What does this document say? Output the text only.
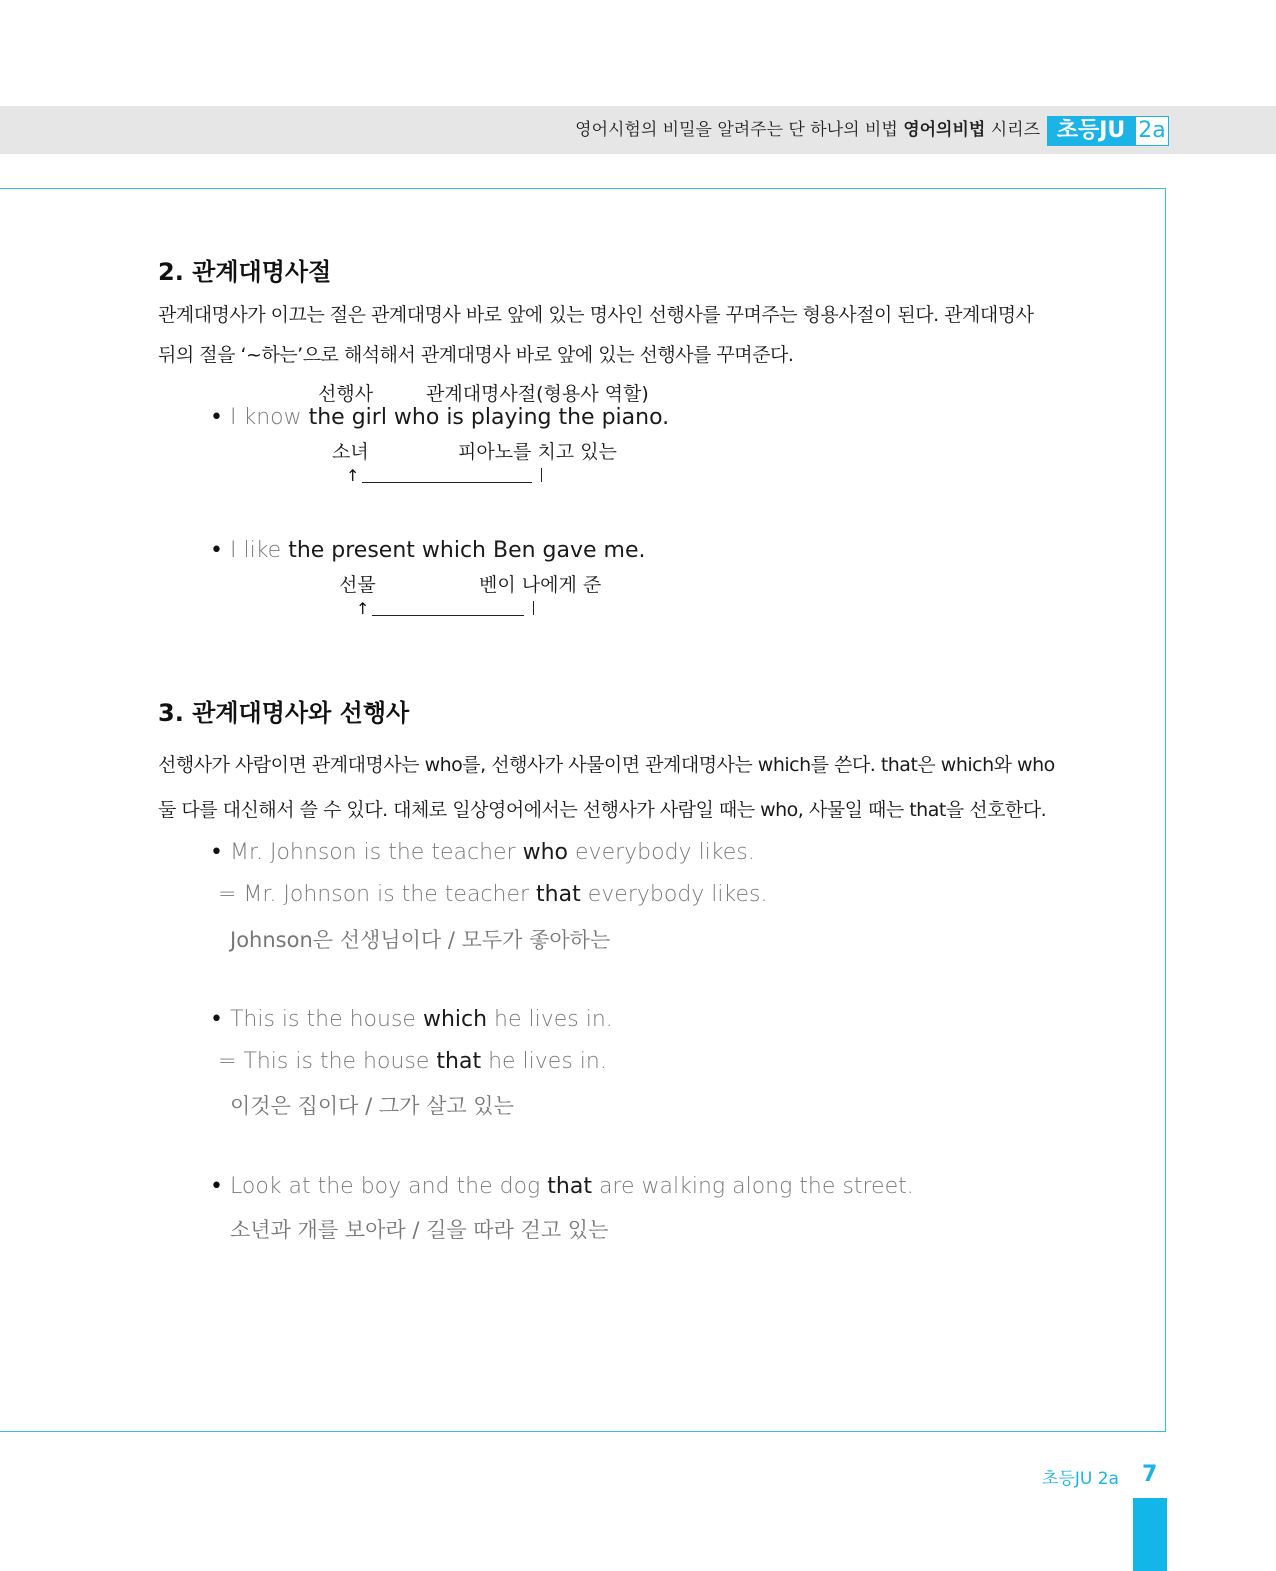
영어시험의 비밀을 알려주는 단 하나의 비법 영어의비법 시리즈 초등JU 2a
2. 관계대명사절
관계대명사가 이끄는 절은 관계대명사 바로 앞에 있는 명사인 선행사를 꾸며주는 형용사절이 된다. 관계대명사
뒤의 절을 ‘~하는’으로 해석해서 관계대명사 바로 앞에 있는 선행사를 꾸며준다.
선행사	관계대명사절(형용사 역할)
• I know the girl who is playing the piano.
소녀	피아노를 치고 있는
↑
• I like the present which Ben gave me.
선물	벤이 나에게 준
↑
3. 관계대명사와 선행사
선행사가 사람이면 관계대명사는 who를, 선행사가 사물이면 관계대명사는 which를 쓴다. that은 which와 who
둘 다를 대신해서 쓸 수 있다. 대체로 일상영어에서는 선행사가 사람일 때는 who, 사물일 때는 that을 선호한다.
• Mr. Johnson is the teacher who everybody likes.
= Mr. Johnson is the teacher that everybody likes.
Johnson은 선생님이다 / 모두가 좋아하는
• This is the house which he lives in.
= This is the house that he lives in.
이것은 집이다 / 그가 살고 있는
• Look at the boy and the dog that are walking along the street.
소년과 개를 보아라 / 길을 따라 걷고 있는
초등JU 2a 7
